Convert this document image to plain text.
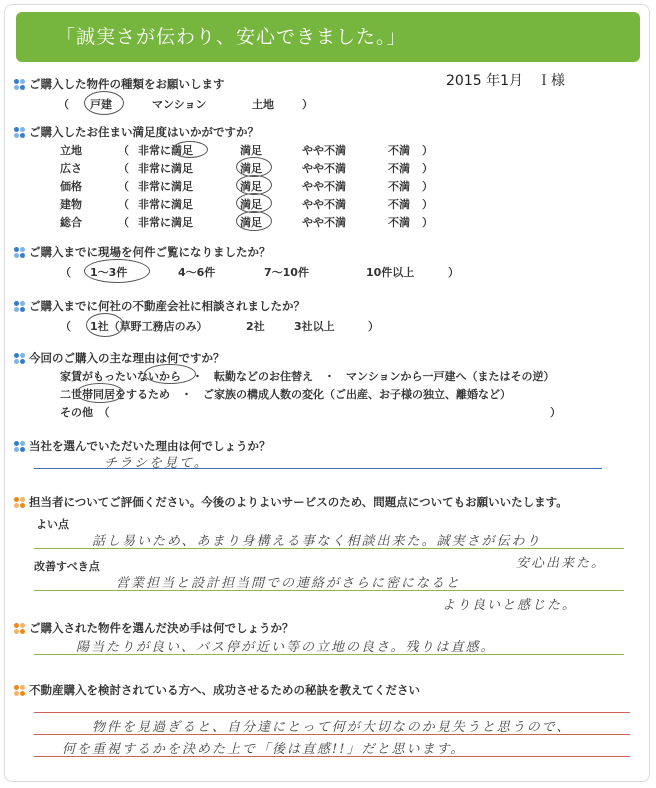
「誠実さが伝わり、安心できました。」
2015 年1月　Ｉ様
ご購入した物件の種類をお願いします
（ 戸建	マンション	土地	）
ご購入したお住まい満足度はいかがですか？
立地	（ 非常に満足	満足	やや不満	不満 ）
広さ	（ 非常に満足	満足	やや不満	不満 ）
価格	（ 非常に満足	満足	やや不満	不満 ）
建物	（ 非常に満足	満足	やや不満	不満 ）
総合	（ 非常に満足	満足	やや不満	不満 ）
ご購入までに現場を何件ご覧になりましたか？
（ 1～3件	4～6件	7～10件	10件以上	）
ご購入までに何社の不動産会社に相談されましたか？
（ 1社（草野工務店のみ）	2社	3社以上	）
今回のご購入の主な理由は何ですか？
家賃がもったいないから　・　転勤などのお住替え　・　マンションから一戸建へ（またはその逆）
二世帯同居をするため　・　ご家族の構成人数の変化（ご出産、お子様の独立、離婚など）
その他　（	）
当社を選んでいただいた理由は何でしょうか？
チラシを見て。
担当者についてご評価ください。今後のよりよいサービスのため、問題点についてもお願いいたします。
よい点
話し易いため、あまり身構える事なく相談出来た。誠実さが伝わり
安心出来た。
改善すべき点
営業担当と設計担当間での連絡がさらに密になると
より良いと感じた。
ご購入された物件を選んだ決め手は何でしょうか？
陽当たりが良い、バス停が近い等の立地の良さ。残りは直感。
不動産購入を検討されている方へ、成功させるための秘訣を教えてください
物件を見過ぎると、自分達にとって何が大切なのか見失うと思うので、
何を重視するかを決めた上で「後は直感!!」だと思います。
